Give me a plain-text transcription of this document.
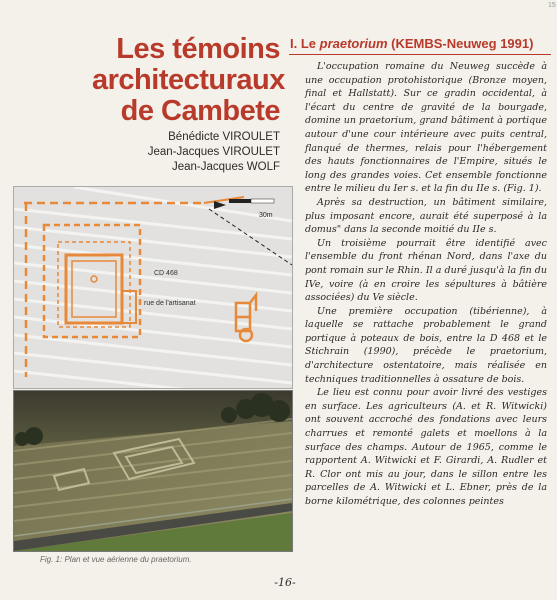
15
Les témoins
architecturaux
de Cambete
Bénédicte VIROULET
Jean-Jacques VIROULET
Jean-Jacques WOLF
30m
CD 468
rue de l'artisanat
Fig. 1: Plan et vue aérienne du praetorium.
I. Le praetorium (KEMBS-Neuweg 1991)

L'occupation romaine du Neuweg succède à une occupation protohistorique (Bronze moyen, final et Hallstatt). Sur ce gradin occidental, à l'écart du centre de gravité de la bourgade, domine un praetorium, grand bâtiment à portique autour d'une cour intérieure avec puits central, flanqué de thermes, relais pour l'hébergement des hauts fonctionnaires de l'Empire, situés le long des grandes voies. Cet ensemble fonctionne entre le milieu du Ier s. et la fin du IIe s. (Fig. 1).

Après sa destruction, un bâtiment similaire, plus imposant encore, aurait été superposé à la domus" dans la seconde moitié du IIe s.

Un troisième pourrait être identifié avec l'ensemble du front rhénan Nord, dans l'axe du pont romain sur le Rhin. Il a duré jusqu'à la fin du IVe, voire (à en croire les sépultures à bâtière associées) du Ve siècle.

Une première occupation (tibérienne), à laquelle se rattache probablement le grand portique à poteaux de bois, entre la D 468 et le Stichrain (1990), précède le praetorium, d'architecture ostentatoire, mais réalisée en techniques traditionnelles à ossature de bois.

Le lieu est connu pour avoir livré des vestiges en surface. Les agriculteurs (A. et R. Witwicki) ont souvent accroché des fondations avec leurs charrues et remonté galets et moellons à la surface des champs. Autour de 1965, comme le rapportent A. Witwicki et F. Girardi, A. Rudler et R. Clor ont mis au jour, dans le sillon entre les parcelles de A. Witwicki et L. Ebner, près de la borne kilométrique, des colonnes peintes

-16-
